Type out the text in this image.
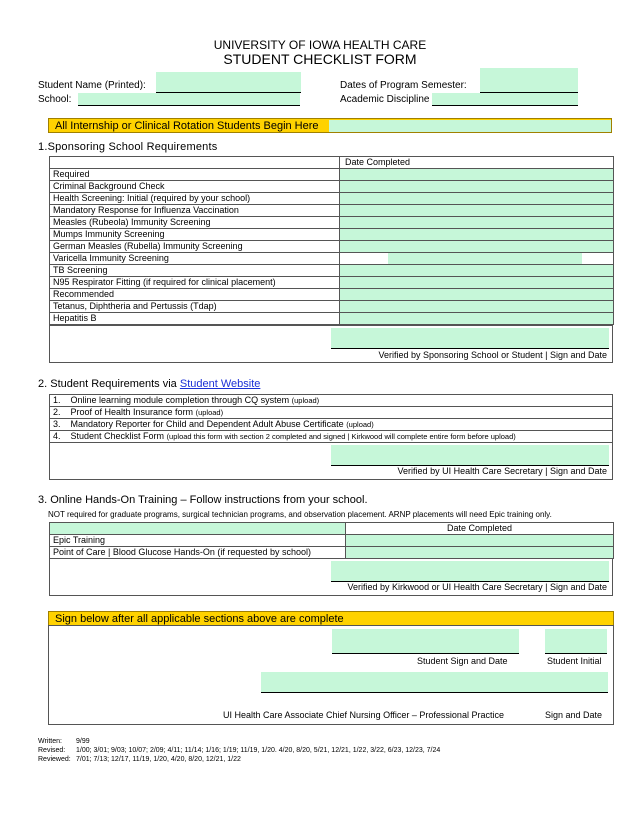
UNIVERSITY OF IOWA HEALTH CARE
STUDENT CHECKLIST FORM
Student Name (Printed):
School:
Dates of Program Semester:
Academic Discipline
All Internship or Clinical Rotation Students Begin Here
1.Sponsoring School Requirements
	Date Completed
Required	
Criminal Background Check	
Health Screening: Initial (required by your school)	
Mandatory Response for Influenza Vaccination	
Measles (Rubeola) Immunity Screening	
Mumps Immunity Screening	
German Measles (Rubella) Immunity Screening	
Varicella Immunity Screening	

TB Screening	
N95 Respirator Fitting (if required for clinical placement)	
Recommended	
Tetanus, Diphtheria and Pertussis (Tdap)	
Hepatitis B	
Verified by Sponsoring School or Student | Sign and Date
2. Student Requirements via Student Website
1.	Online learning module completion through CQ system (upload)
2.	Proof of Health Insurance form (upload)
3.	Mandatory Reporter for Child and Dependent Adult Abuse Certificate (upload)
4.	Student Checklist Form (upload this form with section 2 completed and signed | Kirkwood will complete entire form before upload)
Verified by UI Health Care Secretary | Sign and Date
3. Online Hands-On Training – Follow instructions from your school.
NOT required for graduate programs, surgical technician programs, and observation placement. ARNP placements will need Epic training only.
	Date Completed
Epic Training	
Point of Care | Blood Glucose Hands-On (if requested by school)	
Verified by Kirkwood or UI Health Care Secretary | Sign and Date
Sign below after all applicable sections above are complete
Student Sign and Date	Student Initial
UI Health Care Associate Chief Nursing Officer – Professional Practice	Sign and Date
Written: 9/99
Revised: 1/00; 3/01; 9/03; 10/07; 2/09; 4/11; 11/14; 1/16; 1/19; 11/19, 1/20. 4/20, 8/20, 5/21, 12/21, 1/22, 3/22, 6/23, 12/23, 7/24
Reviewed: 7/01; 7/13; 12/17, 11/19, 1/20, 4/20, 8/20, 12/21, 1/22
